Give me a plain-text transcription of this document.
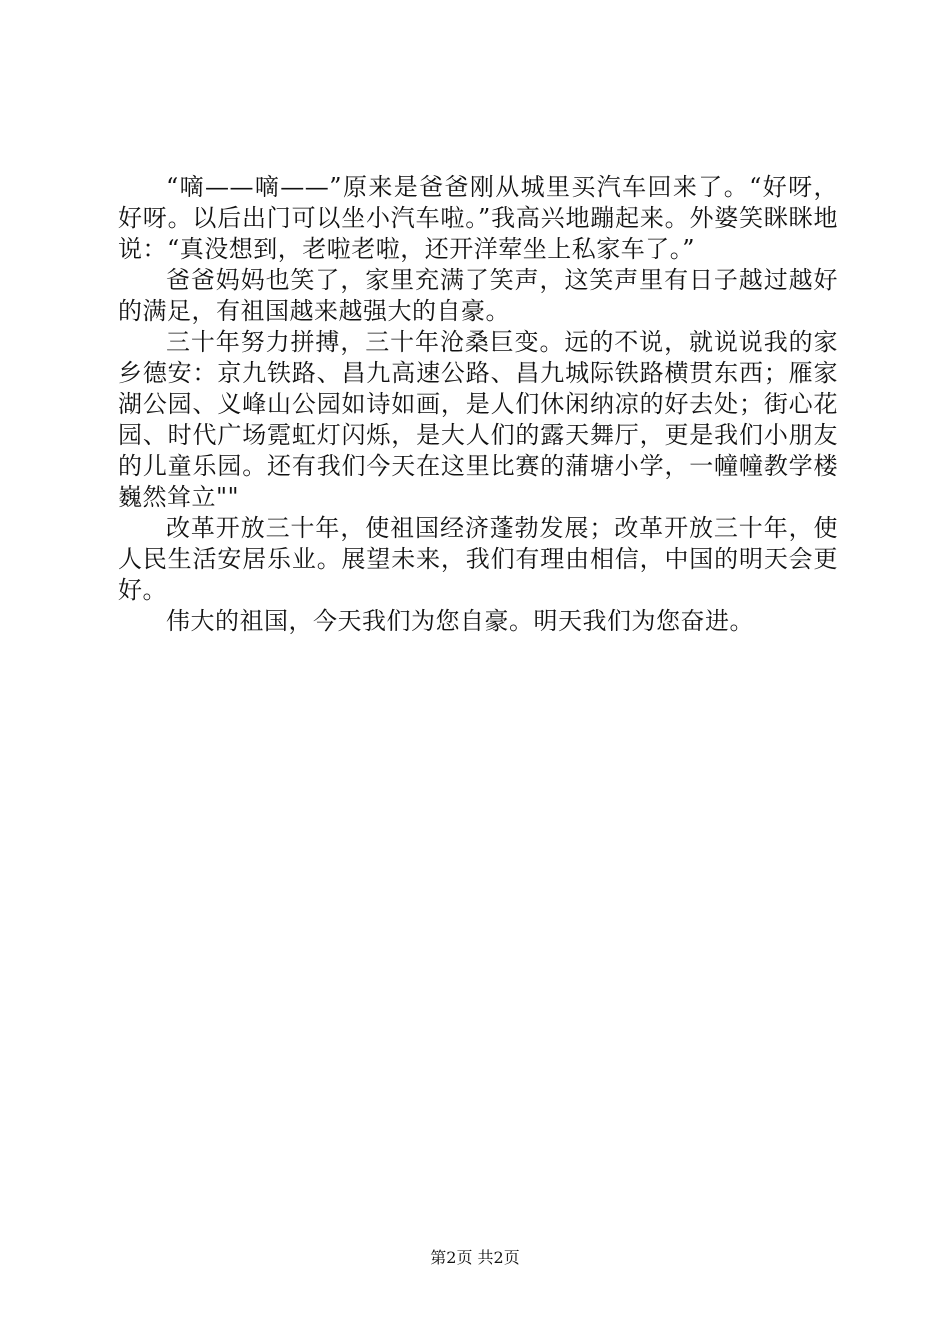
“嘀——嘀——”原来是爸爸刚从城里买汽车回来了。“好呀，好呀。以后出门可以坐小汽车啦。”我高兴地蹦起来。外婆笑眯眯地说：“真没想到，老啦老啦，还开洋荤坐上私家车了。”

爸爸妈妈也笑了，家里充满了笑声，这笑声里有日子越过越好的满足，有祖国越来越强大的自豪。

三十年努力拼搏，三十年沧桑巨变。远的不说，就说说我的家乡德安：京九铁路、昌九高速公路、昌九城际铁路横贯东西；雁家湖公园、义峰山公园如诗如画，是人们休闲纳凉的好去处；街心花园、时代广场霓虹灯闪烁，是大人们的露天舞厅，更是我们小朋友的儿童乐园。还有我们今天在这里比赛的蒲塘小学，一幢幢教学楼巍然耸立""

改革开放三十年，使祖国经济蓬勃发展；改革开放三十年，使人民生活安居乐业。展望未来，我们有理由相信，中国的明天会更好。

伟大的祖国，今天我们为您自豪。明天我们为您奋进。

第2页 共2页
